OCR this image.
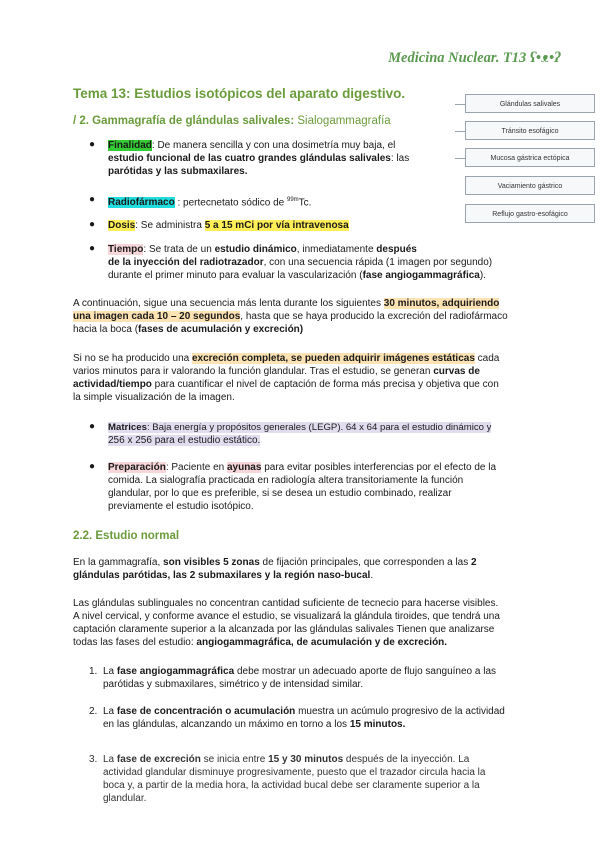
Medicina Nuclear. T13 ʕ•ᴥ•ʔ
Tema 13: Estudios isotópicos del aparato digestivo.
/ 2. Gammagrafía de glándulas salivales: Sialogammagrafía
Glándulas salivales
Tránsito esofágico
Mucosa gástrica ectópica
Vaciamiento gástrico
Reflujo gastro-esofágico
● Finalidad: De manera sencilla y con una dosimetría muy baja, el
estudio funcional de las cuatro grandes glándulas salivales: las
parótidas y las submaxilares.
● Radiofármaco : pertecnetato sódico de $^{99m}$Tc.
● Dosis: Se administra 5 a 15 mCi por vía intravenosa
● Tiempo: Se trata de un estudio dinámico, inmediatamente después
de la inyección del radiotrazador, con una secuencia rápida (1 imagen por segundo)
durante el primer minuto para evaluar la vascularización (fase angiogammagráfica).
A continuación, sigue una secuencia más lenta durante los siguientes 30 minutos, adquiriendo
una imagen cada 10 – 20 segundos, hasta que se haya producido la excreción del radiofármaco
hacia la boca (fases de acumulación y excreción)
Si no se ha producido una excreción completa, se pueden adquirir imágenes estáticas cada
varios minutos para ir valorando la función glandular. Tras el estudio, se generan curvas de
actividad/tiempo para cuantificar el nivel de captación de forma más precisa y objetiva que con
la simple visualización de la imagen.
● Matrices: Baja energía y propósitos generales (LEGP). 64 x 64 para el estudio dinámico y
256 x 256 para el estudio estático.
● Preparación: Paciente en ayunas para evitar posibles interferencias por el efecto de la
comida. La sialografía practicada en radiología altera transitoriamente la función
glandular, por lo que es preferible, si se desea un estudio combinado, realizar
previamente el estudio isotópico.
2.2. Estudio normal
En la gammagrafía, son visibles 5 zonas de fijación principales, que corresponden a las 2
glándulas parótidas, las 2 submaxilares y la región naso-bucal.
Las glándulas sublinguales no concentran cantidad suficiente de tecnecio para hacerse visibles.
A nivel cervical, y conforme avance el estudio, se visualizará la glándula tiroides, que tendrá una
captación claramente superior a la alcanzada por las glándulas salivales Tienen que analizarse
todas las fases del estudio: angiogammagráfica, de acumulación y de excreción.
1. La fase angiogammagráfica debe mostrar un adecuado aporte de flujo sanguíneo a las
parótidas y submaxilares, simétrico y de intensidad similar.
2. La fase de concentración o acumulación muestra un acúmulo progresivo de la actividad
en las glándulas, alcanzando un máximo en torno a los 15 minutos.
3. La fase de excreción se inicia entre 15 y 30 minutos después de la inyección. La
actividad glandular disminuye progresivamente, puesto que el trazador circula hacia la
boca y, a partir de la media hora, la actividad bucal debe ser claramente superior a la
glandular.
